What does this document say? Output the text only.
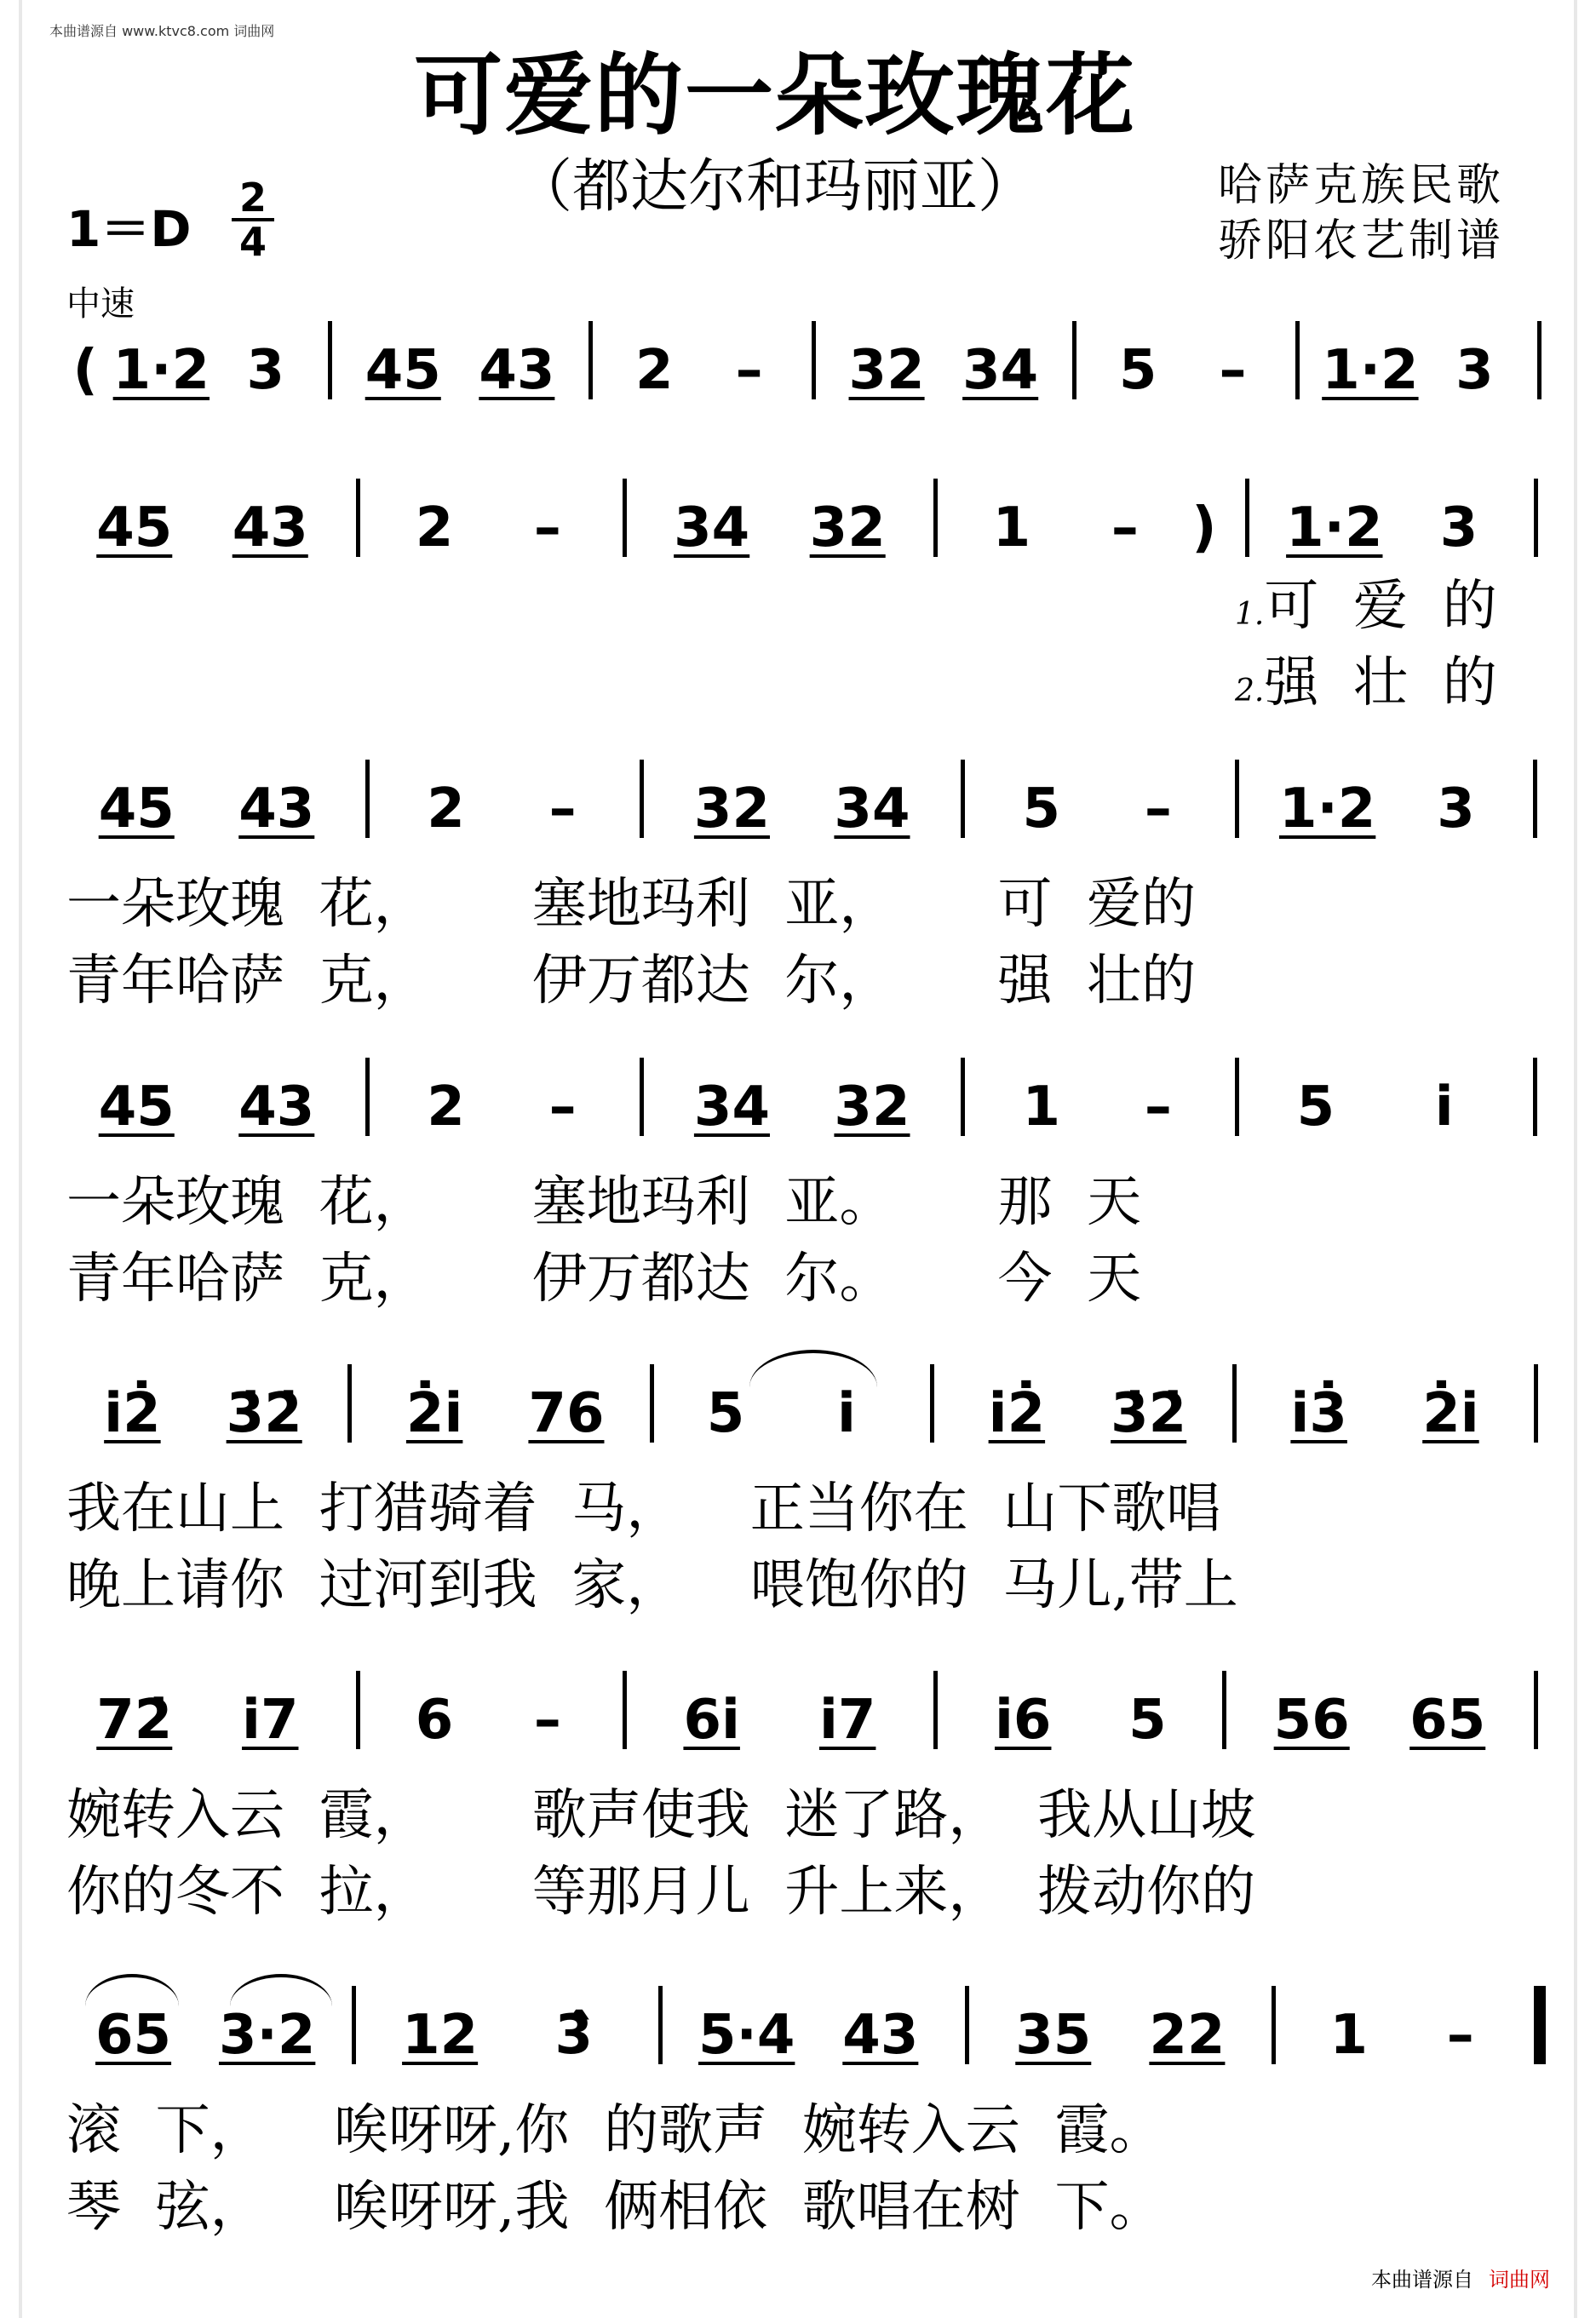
本曲谱源自 www.ktvc8.com 词曲网
可爱的一朵玫瑰花
（都达尔和玛丽亚）	哈萨克族民歌
骄阳农艺制谱
$1=D \frac{2}{4}$
中速
( 1·2 3	45 43	2	–	32 34	5	–	1·2 3
45	43	2	–	34	32	1	– )	1·2	3
1.可  爱  的
2.强  壮  的
45	43	2	–	32	34	5	–	1·2	3
一朵玫瑰  花，      塞地玛利  亚，      可  爱的
青年哈萨  克，      伊万都达  尔，      强  壮的
45	43	2	–	34	32	1	–	5	i̇
一朵玫瑰  花，      塞地玛利  亚。      那  天
青年哈萨  克，      伊万都达  尔。      今  天
i̇2̇	3̇2̇	2̇i̇	76	5	i̇	i̇2̇	3̇2̇	i̇3̇	2̇i̇
我在山上  打猎骑着  马，    正当你在  山下歌唱
晚上请你  过河到我  家，    喂饱你的  马儿,带上
72̇	i̇7	6	–	6i̇	i̇7	i̇6	5	56	65
婉转入云  霞，      歌声使我  迷了路，  我从山坡
你的冬不  拉，      等那月儿  升上来，  拨动你的
65 3·2	12	3̂	5·4 43	35	22	1	–
滚  下，    唉呀呀,你  的歌声  婉转入云  霞。
琴  弦，    唉呀呀,我  俩相依  歌唱在树  下。
本曲谱源自 词曲网
